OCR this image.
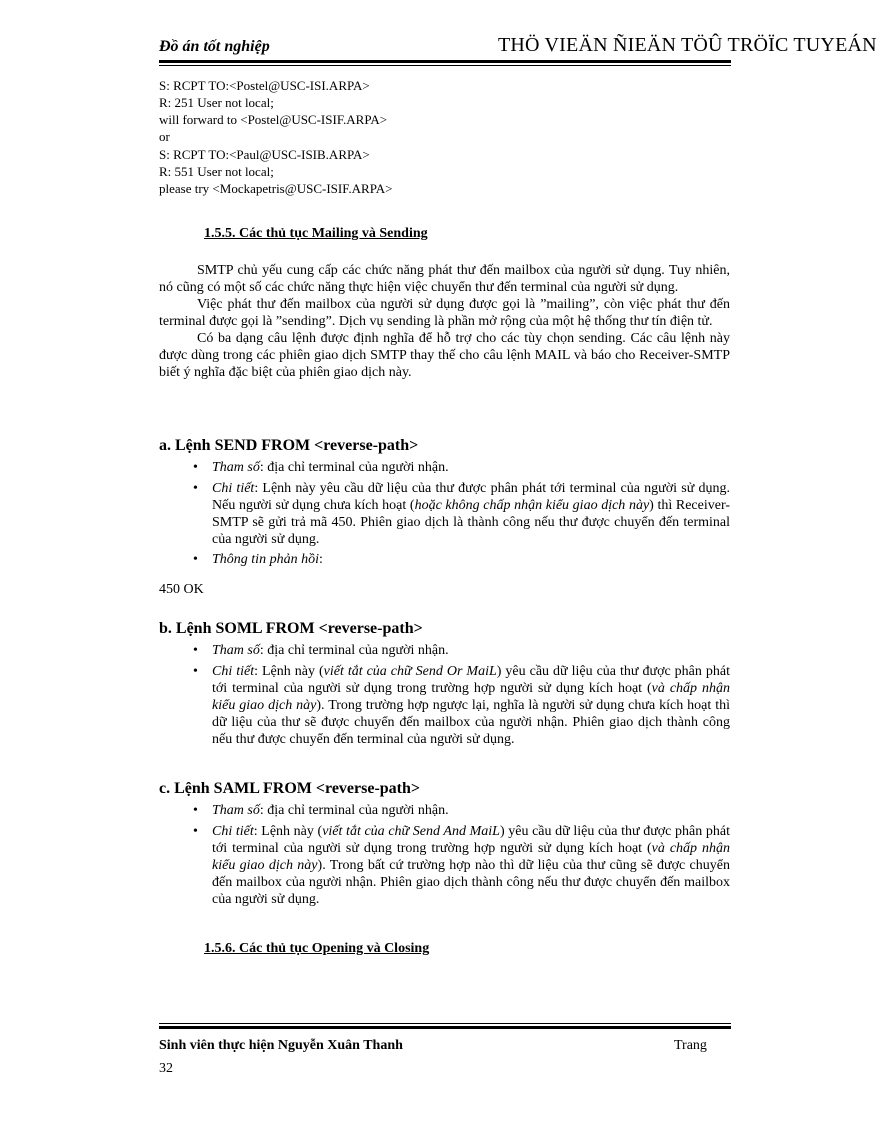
Đồ án tốt nghiệp	THÖ VIEÄN ÑIEÄN TÖÛ TRÖÏC TUYEÁN
S: RCPT TO:<Postel@USC-ISI.ARPA>
R: 251 User not local;
will forward to <Postel@USC-ISIF.ARPA>
or
S: RCPT TO:<Paul@USC-ISIB.ARPA>
R: 551 User not local;
please try <Mockapetris@USC-ISIF.ARPA>
1.5.5. Các thủ tục Mailing và Sending

SMTP chủ yếu cung cấp các chức năng phát thư đến mailbox của người sử dụng. Tuy nhiên, nó cũng có một số các chức năng thực hiện việc chuyển thư đến terminal của người sử dụng.

Việc phát thư đến mailbox của người sử dụng được gọi là ”mailing”, còn việc phát thư đến terminal được gọi là ”sending”. Dịch vụ sending là phần mở rộng của một hệ thống thư tín điện tử.

Có ba dạng câu lệnh được định nghĩa để hỗ trợ cho các tùy chọn sending. Các câu lệnh này được dùng trong các phiên giao dịch SMTP thay thế cho câu lệnh MAIL và báo cho Receiver-SMTP biết ý nghĩa đặc biệt của phiên giao dịch này.

a. Lệnh SEND FROM <reverse-path>
• Tham số: địa chỉ terminal của người nhận.
• Chi tiết: Lệnh này yêu cầu dữ liệu của thư được phân phát tới terminal của người sử dụng. Nếu người sử dụng chưa kích hoạt (hoặc không chấp nhận kiểu giao dịch này) thì Receiver-SMTP sẽ gửi trả mã 450. Phiên giao dịch là thành công nếu thư được chuyển đến terminal của người sử dụng.
• Thông tin phản hồi:
450 OK
b. Lệnh SOML FROM <reverse-path>
• Tham số: địa chỉ terminal của người nhận.
• Chi tiết: Lệnh này (viết tắt của chữ Send Or MaiL) yêu cầu dữ liệu của thư được phân phát tới terminal của người sử dụng trong trường hợp người sử dụng kích hoạt (và chấp nhận kiểu giao dịch này). Trong trường hợp ngược lại, nghĩa là người sử dụng chưa kích hoạt thì dữ liệu của thư sẽ được chuyển đến mailbox của người nhận. Phiên giao dịch thành công nếu thư được chuyển đến terminal của người sử dụng.
c. Lệnh SAML FROM <reverse-path>
• Tham số: địa chỉ terminal của người nhận.
• Chi tiết: Lệnh này (viết tắt của chữ Send And MaiL) yêu cầu dữ liệu của thư được phân phát tới terminal của người sử dụng trong trường hợp người sử dụng kích hoạt (và chấp nhận kiểu giao dịch này). Trong bất cứ trường hợp nào thì dữ liệu của thư cũng sẽ được chuyển đến mailbox của người nhận. Phiên giao dịch thành công nếu thư được chuyển đến mailbox của người sử dụng.
1.5.6. Các thủ tục Opening và Closing
Sinh viên thực hiện Nguyễn Xuân Thanh	Trang
32
